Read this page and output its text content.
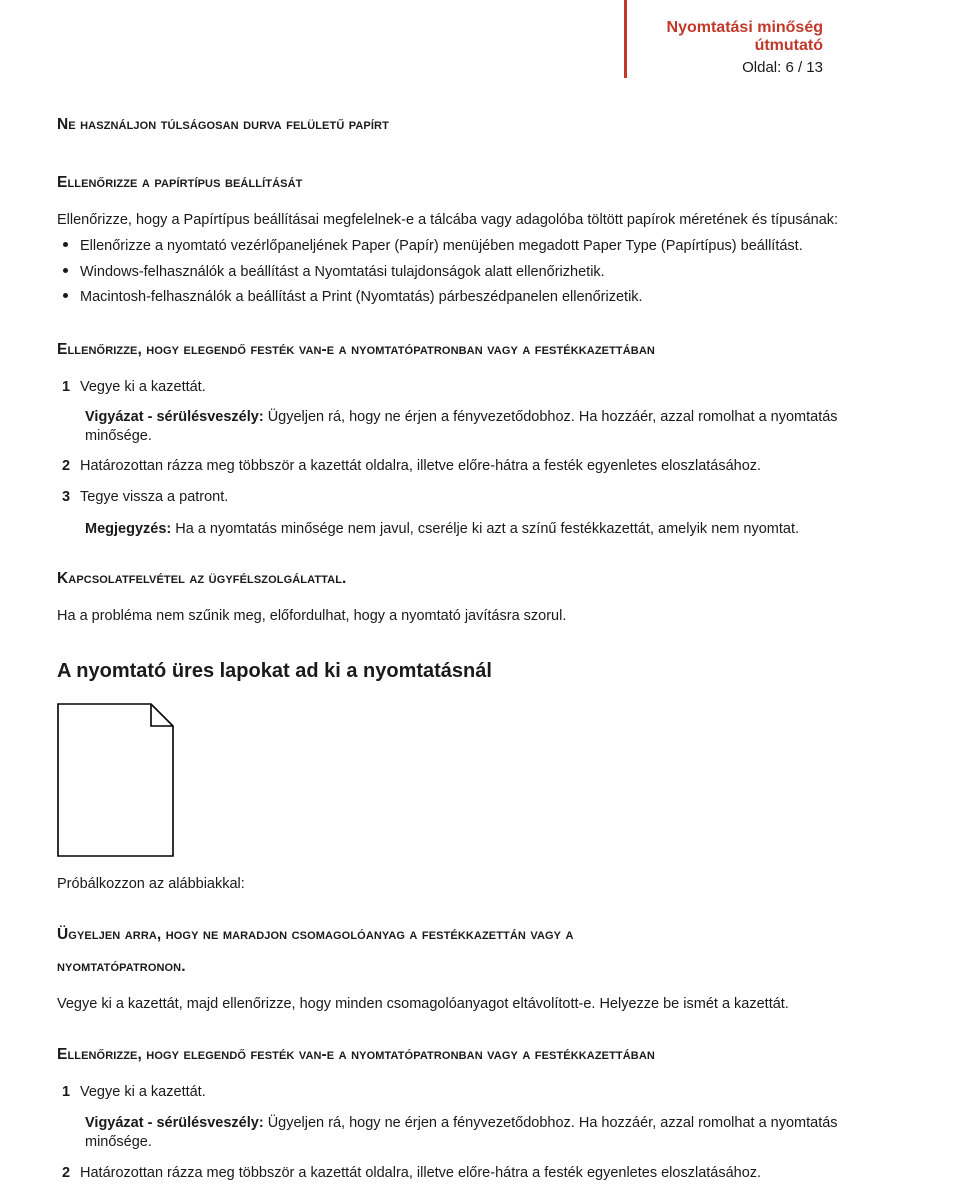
Nyomtatási minőség útmutató
Oldal: 6 / 13
Ne használjon túlságosan durva felületű papírt
Ellenőrizze a papírtípus beállítását

Ellenőrizze, hogy a Papírtípus beállításai megfelelnek-e a tálcába vagy adagolóba töltött papírok méretének és típusának:

Ellenőrizze a nyomtató vezérlőpaneljének Paper (Papír) menüjében megadott Paper Type (Papírtípus) beállítást.
Windows-felhasználók a beállítást a Nyomtatási tulajdonságok alatt ellenőrizhetik.
Macintosh-felhasználók a beállítást a Print (Nyomtatás) párbeszédpanelen ellenőrizetik.
Ellenőrizze, hogy elegendő festék van-e a nyomtatópatronban vagy a festékkazettában
1 Vegye ki a kazettát.
Vigyázat - sérülésveszély: Ügyeljen rá, hogy ne érjen a fényvezetődobhoz. Ha hozzáér, azzal romolhat a nyomtatás minősége.
2 Határozottan rázza meg többször a kazettát oldalra, illetve előre-hátra a festék egyenletes eloszlatásához.
3 Tegye vissza a patront.
Megjegyzés: Ha a nyomtatás minősége nem javul, cserélje ki azt a színű festékkazettát, amelyik nem nyomtat.
Kapcsolatfelvétel az ügyfélszolgálattal.

Ha a probléma nem szűnik meg, előfordulhat, hogy a nyomtató javításra szorul.

A nyomtató üres lapokat ad ki a nyomtatásnál

Próbálkozzon az alábbiakkal:

Ügyeljen arra, hogy ne maradjon csomagolóanyag a festékkazettán vagy a
nyomtatópatronon.

Vegye ki a kazettát, majd ellenőrizze, hogy minden csomagolóanyagot eltávolított-e. Helyezze be ismét a kazettát.

Ellenőrizze, hogy elegendő festék van-e a nyomtatópatronban vagy a festékkazettában
1 Vegye ki a kazettát.
Vigyázat - sérülésveszély: Ügyeljen rá, hogy ne érjen a fényvezetődobhoz. Ha hozzáér, azzal romolhat a nyomtatás minősége.
2 Határozottan rázza meg többször a kazettát oldalra, illetve előre-hátra a festék egyenletes eloszlatásához.
